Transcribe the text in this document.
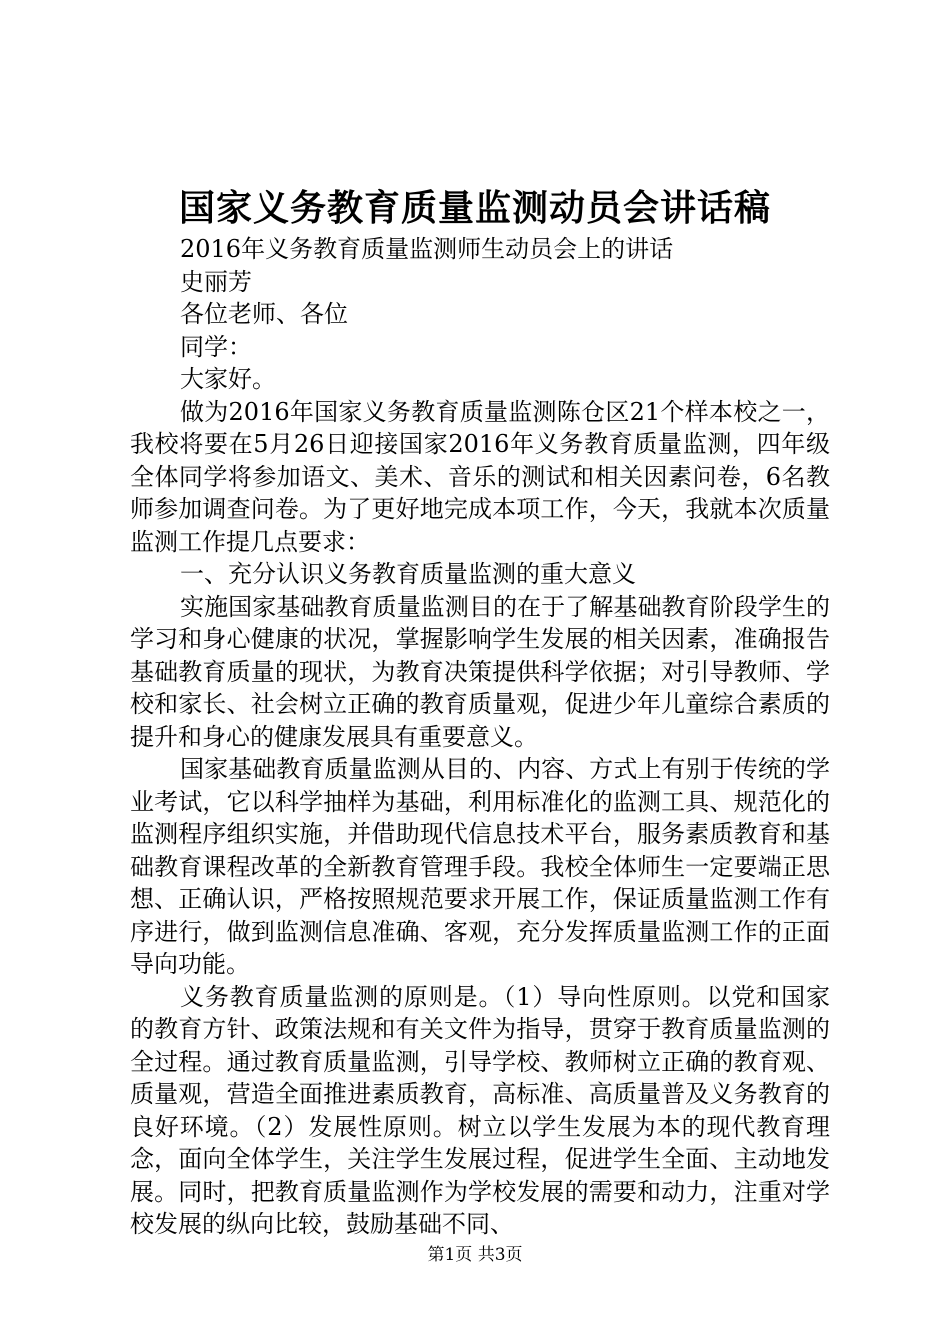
国家义务教育质量监测动员会讲话稿

2016年义务教育质量监测师生动员会上的讲话

史丽芳

各位老师、各位

同学：

大家好。

做为2016年国家义务教育质量监测陈仓区21个样本校之一，我校将要在5月26日迎接国家2016年义务教育质量监测，四年级全体同学将参加语文、美术、音乐的测试和相关因素问卷，6名教师参加调查问卷。为了更好地完成本项工作，今天，我就本次质量监测工作提几点要求：

一、充分认识义务教育质量监测的重大意义

实施国家基础教育质量监测目的在于了解基础教育阶段学生的学习和身心健康的状况，掌握影响学生发展的相关因素，准确报告基础教育质量的现状，为教育决策提供科学依据；对引导教师、学校和家长、社会树立正确的教育质量观，促进少年儿童综合素质的提升和身心的健康发展具有重要意义。

国家基础教育质量监测从目的、内容、方式上有别于传统的学业考试，它以科学抽样为基础，利用标准化的监测工具、规范化的监测程序组织实施，并借助现代信息技术平台，服务素质教育和基础教育课程改革的全新教育管理手段。我校全体师生一定要端正思想、正确认识，严格按照规范要求开展工作，保证质量监测工作有序进行，做到监测信息准确、客观，充分发挥质量监测工作的正面导向功能。

义务教育质量监测的原则是。（1）导向性原则。以党和国家的教育方针、政策法规和有关文件为指导，贯穿于教育质量监测的全过程。通过教育质量监测，引导学校、教师树立正确的教育观、质量观，营造全面推进素质教育，高标准、高质量普及义务教育的良好环境。（2）发展性原则。树立以学生发展为本的现代教育理念，面向全体学生，关注学生发展过程，促进学生全面、主动地发展。同时，把教育质量监测作为学校发展的需要和动力，注重对学校发展的纵向比较，鼓励基础不同、

第1页 共3页
